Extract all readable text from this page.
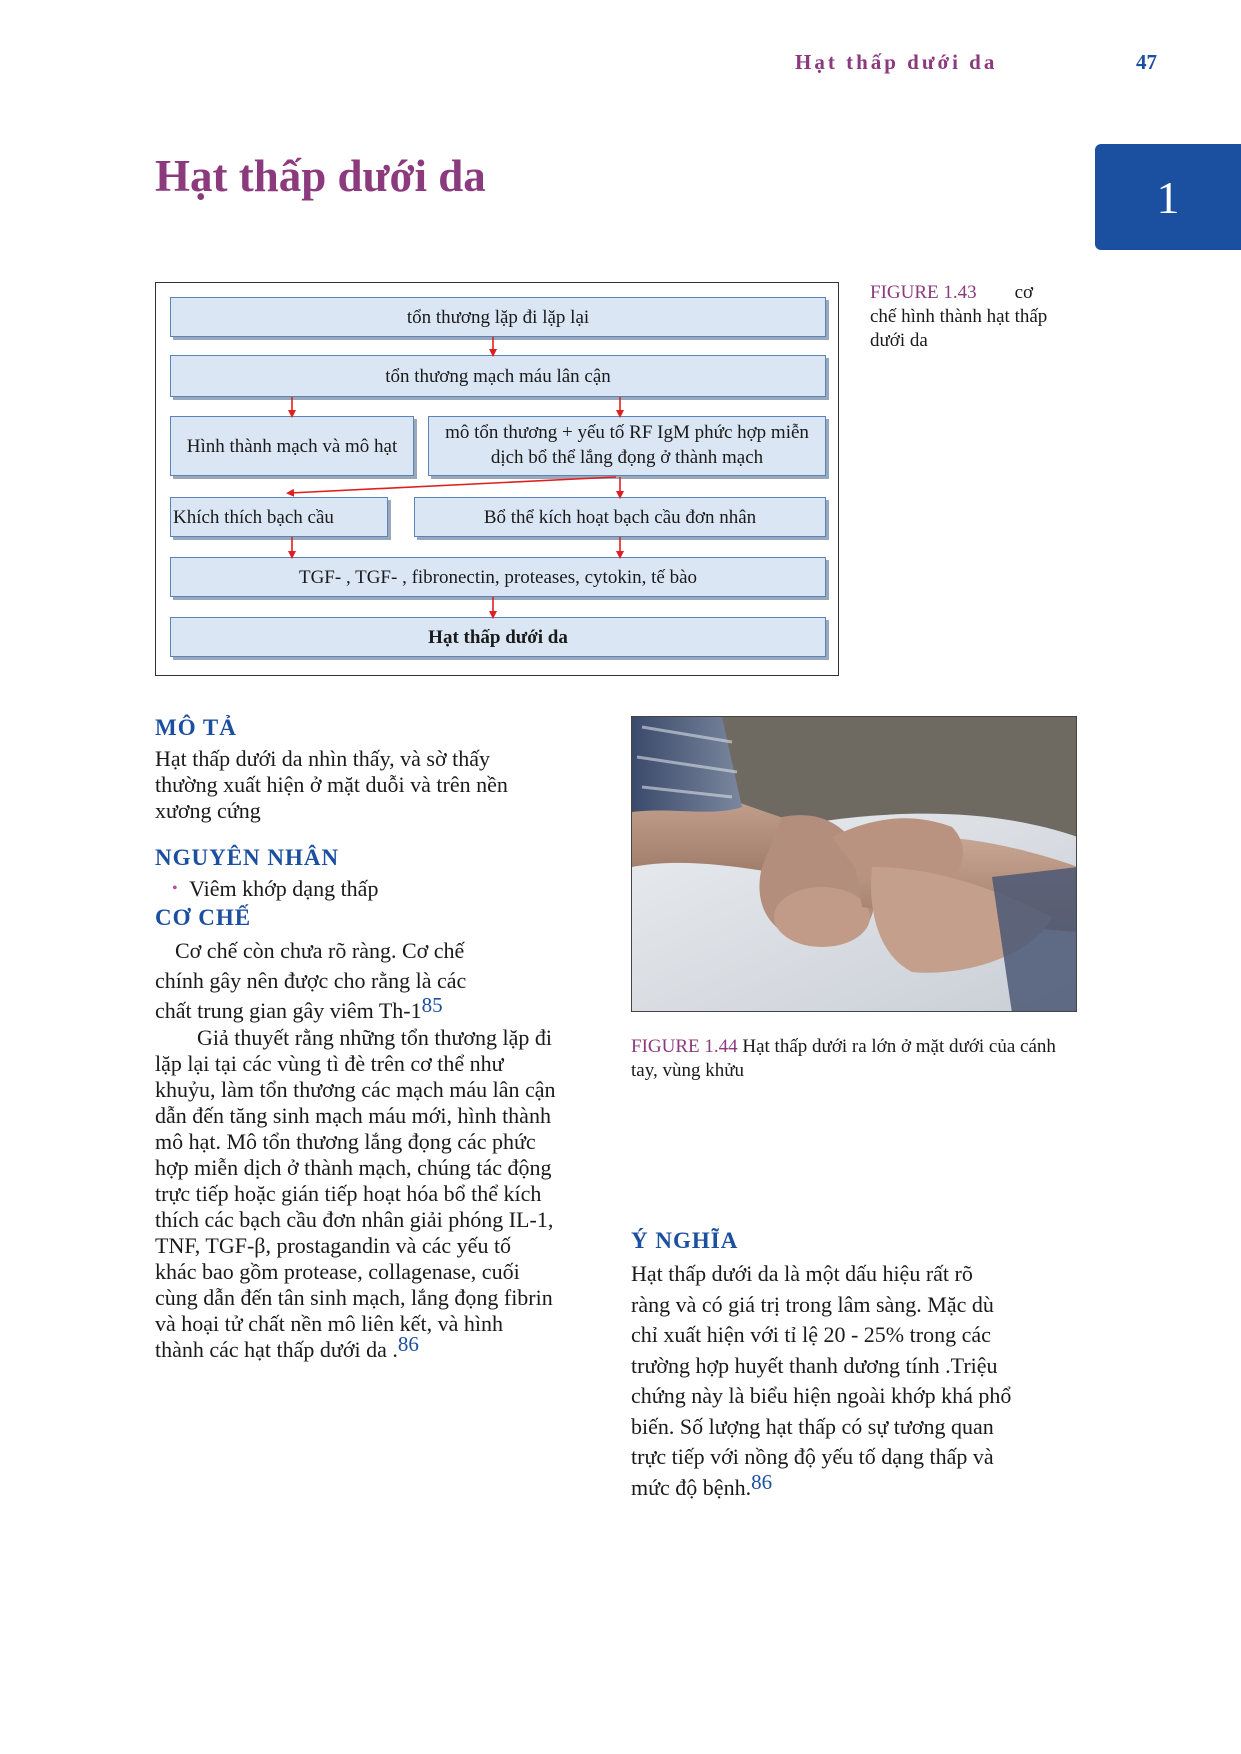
Hạt thấp dưới da	47
1
Hạt thấp dưới da
tổn thương lặp đi lặp lại
tổn thương mạch máu lân cận
Hình thành mạch và mô hạt
mô tổn thương + yếu tố RF IgM phức hợp miễn dịch bổ thể lắng đọng ở thành mạch
Khích thích bạch cầu	Bổ thể kích hoạt bạch cầu đơn nhân
TGF- , TGF- , fibronectin, proteases, cytokin, tế bào
Hạt thấp dưới da
FIGURE 1.43 cơ
chế hình thành hạt thấp dưới da
MÔ TẢ
Hạt thấp dưới da nhìn thấy, và sờ thấy
thường xuất hiện ở mặt duỗi và trên nền
xương cứng
NGUYÊN NHÂN
• Viêm khớp dạng thấp
CƠ CHẾ
Cơ chế còn chưa rõ ràng. Cơ chế
chính gây nên được cho rằng là các
chất trung gian gây viêm Th-185
Giả thuyết rằng những tổn thương lặp đi
lặp lại tại các vùng tì đè trên cơ thể như
khuỷu, làm tổn thương các mạch máu lân cận
dẫn đến tăng sinh mạch máu mới, hình thành
mô hạt. Mô tổn thương lắng đọng các phức
hợp miễn dịch ở thành mạch, chúng tác động
trực tiếp hoặc gián tiếp hoạt hóa bổ thể kích
thích các bạch cầu đơn nhân giải phóng IL-1,
TNF, TGF-β, prostagandin và các yếu tố
khác bao gồm protease, collagenase, cuối
cùng dẫn đến tân sinh mạch, lắng đọng fibrin
và hoại tử chất nền mô liên kết, và hình
thành các hạt thấp dưới da .86
FIGURE 1.44 Hạt thấp dưới ra lớn ở mặt dưới của cánh tay, vùng khửu
Ý NGHĨA
Hạt thấp dưới da là một dấu hiệu rất rõ
ràng và có giá trị trong lâm sàng. Mặc dù
chỉ xuất hiện với tỉ lệ 20 - 25% trong các
trường hợp huyết thanh dương tính .Triệu
chứng này là biểu hiện ngoài khớp khá phổ
biến. Số lượng hạt thấp có sự tương quan
trực tiếp với nồng độ yếu tố dạng thấp và
mức độ bệnh.86
